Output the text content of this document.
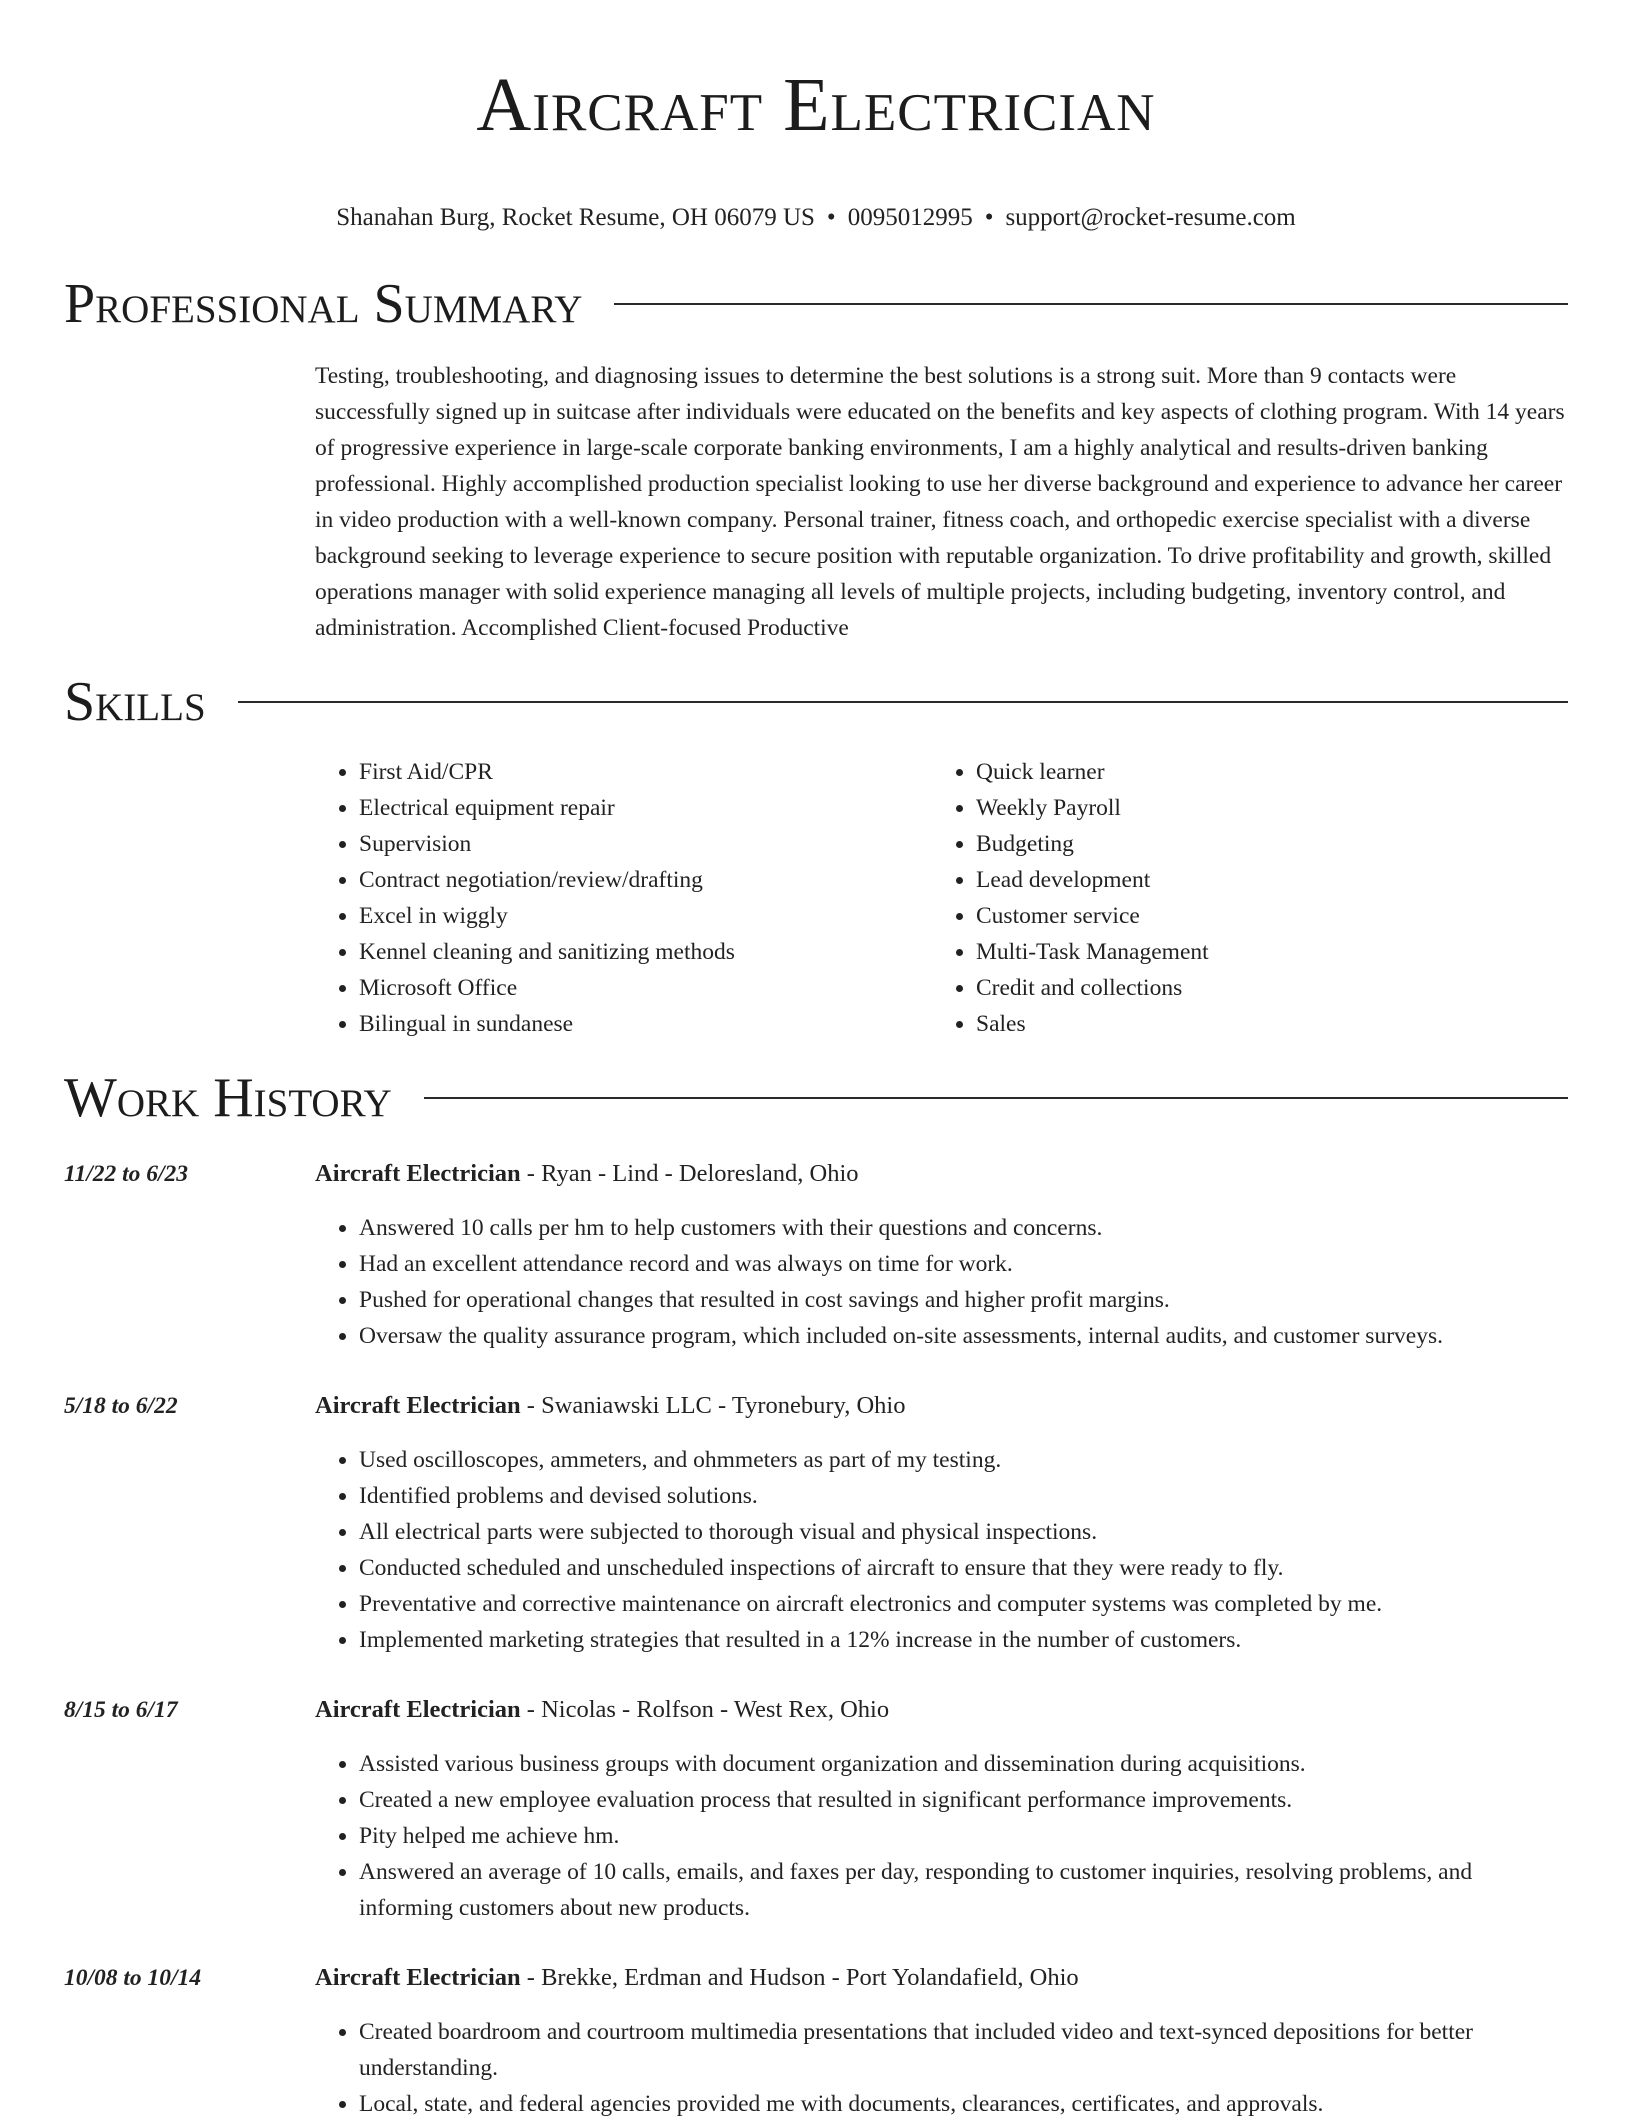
Aircraft Electrician
Shanahan Burg, Rocket Resume, OH 06079 US • 0095012995 • support@rocket-resume.com
Professional Summary

Testing, troubleshooting, and diagnosing issues to determine the best solutions is a strong suit. More than 9 contacts were successfully signed up in suitcase after individuals were educated on the benefits and key aspects of clothing program. With 14 years of progressive experience in large-scale corporate banking environments, I am a highly analytical and results-driven banking professional. Highly accomplished production specialist looking to use her diverse background and experience to advance her career in video production with a well-known company. Personal trainer, fitness coach, and orthopedic exercise specialist with a diverse background seeking to leverage experience to secure position with reputable organization. To drive profitability and growth, skilled operations manager with solid experience managing all levels of multiple projects, including budgeting, inventory control, and administration. Accomplished Client-focused Productive

Skills
• First Aid/CPR
• Electrical equipment repair
• Supervision
• Contract negotiation/review/drafting
• Excel in wiggly
• Kennel cleaning and sanitizing methods
• Microsoft Office
• Bilingual in sundanese
• Quick learner
• Weekly Payroll
• Budgeting
• Lead development
• Customer service
• Multi-Task Management
• Credit and collections
• Sales
Work History
11/22 to 6/23	Aircraft Electrician - Ryan - Lind - Deloresland, Ohio
• Answered 10 calls per hm to help customers with their questions and concerns.
• Had an excellent attendance record and was always on time for work.
• Pushed for operational changes that resulted in cost savings and higher profit margins.
• Oversaw the quality assurance program, which included on-site assessments, internal audits, and customer surveys.
5/18 to 6/22	Aircraft Electrician - Swaniawski LLC - Tyronebury, Ohio
• Used oscilloscopes, ammeters, and ohmmeters as part of my testing.
• Identified problems and devised solutions.
• All electrical parts were subjected to thorough visual and physical inspections.
• Conducted scheduled and unscheduled inspections of aircraft to ensure that they were ready to fly.
• Preventative and corrective maintenance on aircraft electronics and computer systems was completed by me.
• Implemented marketing strategies that resulted in a 12% increase in the number of customers.
8/15 to 6/17	Aircraft Electrician - Nicolas - Rolfson - West Rex, Ohio
• Assisted various business groups with document organization and dissemination during acquisitions.
• Created a new employee evaluation process that resulted in significant performance improvements.
• Pity helped me achieve hm.
• Answered an average of 10 calls, emails, and faxes per day, responding to customer inquiries, resolving problems, and informing customers about new products.
10/08 to 10/14	Aircraft Electrician - Brekke, Erdman and Hudson - Port Yolandafield, Ohio
• Created boardroom and courtroom multimedia presentations that included video and text-synced depositions for better understanding.
• Local, state, and federal agencies provided me with documents, clearances, certificates, and approvals.
